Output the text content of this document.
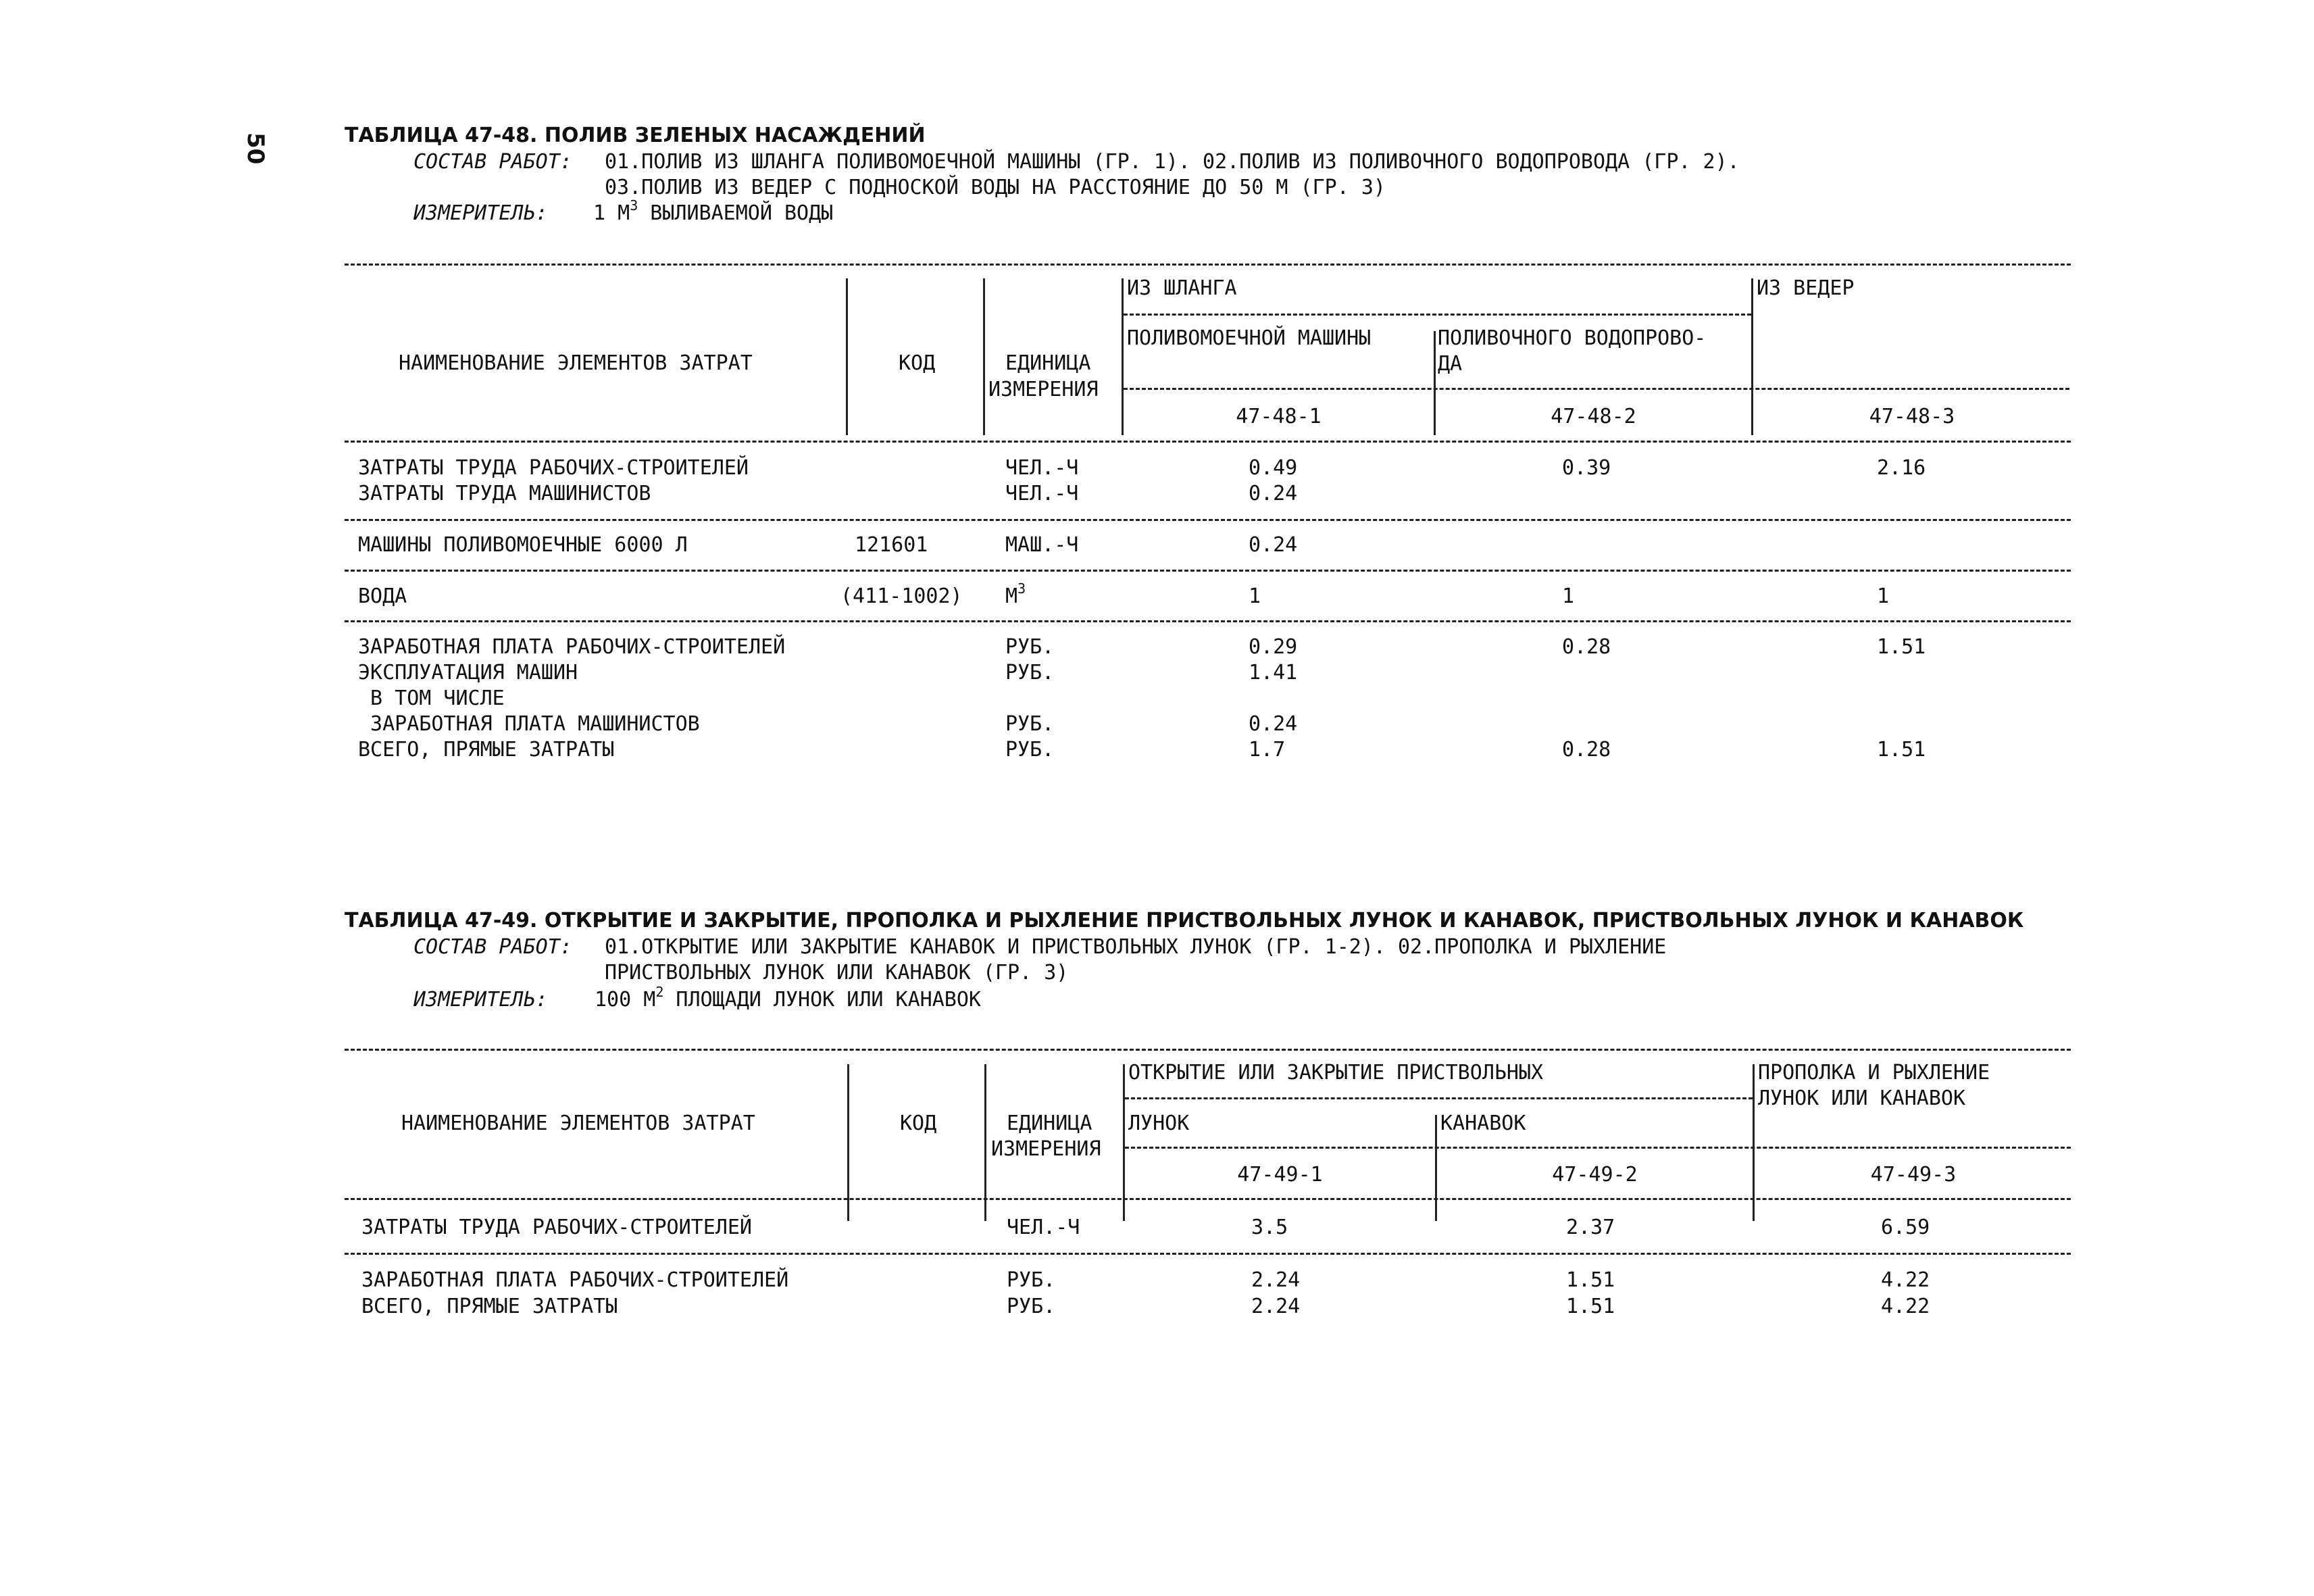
50	ТАБЛИЦА 47-48. ПОЛИВ ЗЕЛЕНЫХ НАСАЖДЕНИЙ
СОСТАВ РАБОТ: 01.ПОЛИВ ИЗ ШЛАНГА ПОЛИВОМОЕЧНОЙ МАШИНЫ (ГР. 1). 02.ПОЛИВ ИЗ ПОЛИВОЧНОГО ВОДОПРОВОДА (ГР. 2).
03.ПОЛИВ ИЗ ВЕДЕР С ПОДНОСКОЙ ВОДЫ НА РАССТОЯНИЕ ДО 50 М (ГР. 3)
ИЗМЕРИТЕЛЬ: 1 $М^3$ ВЫЛИВАЕМОЙ ВОДЫ
НАИМЕНОВАНИЕ ЭЛЕМЕНТОВ ЗАТРАТ	КОД	ЕДИНИЦА
ИЗМЕРЕНИЯ
ИЗ ШЛАНГА	ИЗ ВЕДЕР
ПОЛИВОМОЕЧНОЙ МАШИНЫ	ПОЛИВОЧНОГО ВОДОПРОВО-
ДА
47-48-1	47-48-2	47-48-3
ЗАТРАТЫ ТРУДА РАБОЧИХ-СТРОИТЕЛЕЙ	ЧЕЛ.-Ч	0.49	0.39	2.16
ЗАТРАТЫ ТРУДА МАШИНИСТОВ	ЧЕЛ.-Ч	0.24
МАШИНЫ ПОЛИВОМОЕЧНЫЕ 6000 Л	121601	МАШ.-Ч	0.24
ВОДА	(411-1002) $М^3$	1	1	1
ЗАРАБОТНАЯ ПЛАТА РАБОЧИХ-СТРОИТЕЛЕЙ	РУБ.	0.29	0.28	1.51
ЭКСПЛУАТАЦИЯ МАШИН	РУБ.	1.41
В ТОМ ЧИСЛЕ
ЗАРАБОТНАЯ ПЛАТА МАШИНИСТОВ	РУБ.	0.24
ВСЕГО, ПРЯМЫЕ ЗАТРАТЫ	РУБ.	1.7	0.28	1.51
ТАБЛИЦА 47-49. ОТКРЫТИЕ И ЗАКРЫТИЕ, ПРОПОЛКА И РЫХЛЕНИЕ ПРИСТВОЛЬНЫХ ЛУНОК И КАНАВОК, ПРИСТВОЛЬНЫХ ЛУНОК И КАНАВОК
СОСТАВ РАБОТ: 01.ОТКРЫТИЕ ИЛИ ЗАКРЫТИЕ КАНАВОК И ПРИСТВОЛЬНЫХ ЛУНОК (ГР. 1-2). 02.ПРОПОЛКА И РЫХЛЕНИЕ
ПРИСТВОЛЬНЫХ ЛУНОК ИЛИ КАНАВОК (ГР. 3)
ИЗМЕРИТЕЛЬ: 100 $М^2$ ПЛОЩАДИ ЛУНОК ИЛИ КАНАВОК
НАИМЕНОВАНИЕ ЭЛЕМЕНТОВ ЗАТРАТ	КОД	ЕДИНИЦА
ИЗМЕРЕНИЯ
ОТКРЫТИЕ ИЛИ ЗАКРЫТИЕ ПРИСТВОЛЬНЫХ	ПРОПОЛКА И РЫХЛЕНИЕ
ЛУНОК ИЛИ КАНАВОК
ЛУНОК	КАНАВОК
47-49-1	47-49-2	47-49-3
ЗАТРАТЫ ТРУДА РАБОЧИХ-СТРОИТЕЛЕЙ	ЧЕЛ.-Ч	3.5	2.37	6.59
ЗАРАБОТНАЯ ПЛАТА РАБОЧИХ-СТРОИТЕЛЕЙ	РУБ.	2.24	1.51	4.22
ВСЕГО, ПРЯМЫЕ ЗАТРАТЫ	РУБ.	2.24	1.51	4.22
